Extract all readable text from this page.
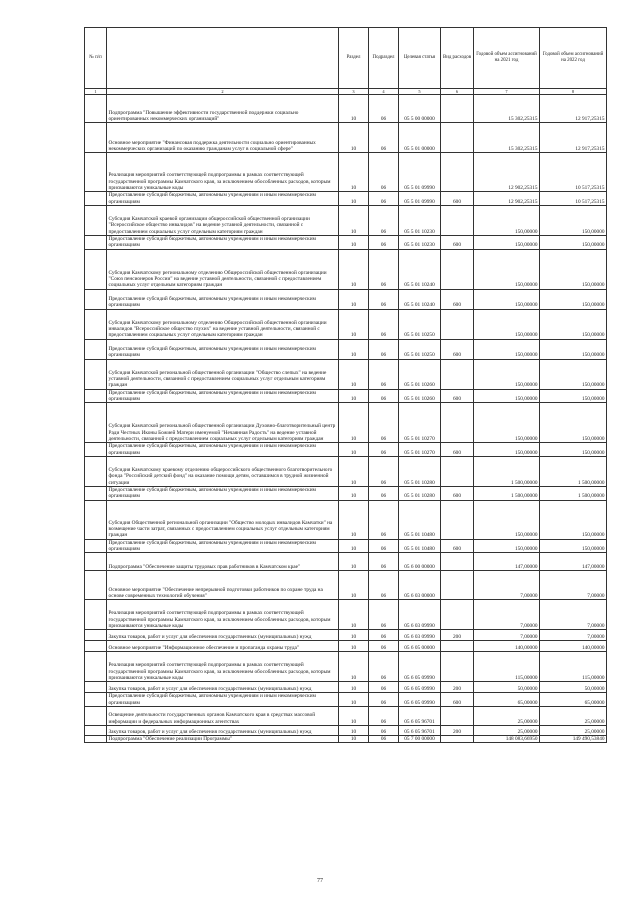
№ п/п		Раздел	Подраздел	Целевая статья	Вид расходов	Годовой объем ассигнований на 2021 год	Годовой объем ассигнований на 2022 год
1	2	3	4	5	6	7	8
	Подпрограмма "Повышение эффективности государственной поддержки социально ориентированных некоммерческих организаций"	10	06	05 5 00 00000		15 302,25315	12 917,25315
	Основное мероприятие "Финансовая поддержка деятельности социально ориентированных некоммерческих организаций по оказанию гражданам услуг в социальной сфере"	10	06	05 5 01 00000		15 302,25315	12 917,25315
	Реализация мероприятий соответствующей подпрограммы в рамках соответствующей государственной программы Камчатского края, за исключением обособленных расходов, которым присваиваются уникальные коды	10	06	05 5 01 09990		12 902,25315	10 517,25315
	Предоставление субсидий бюджетным, автономным учреждениям и иным некоммерческим организациям	10	06	05 5 01 09990	600	12 902,25315	10 517,25315
	Субсидия Камчатской краевой организации общероссийской общественной организации "Всероссийское общество инвалидов" на ведение уставной деятельности, связанной с предоставлением социальных услуг отдельным категориям граждан	10	06	05 5 01 10230		150,00000	150,00000
	Предоставление субсидий бюджетным, автономным учреждениям и иным некоммерческим организациям	10	06	05 5 01 10230	600	150,00000	150,00000
	Субсидия Камчатскому региональному отделению Общероссийской общественной организации "Союз пенсионеров России" на ведение уставной деятельности, связанной с предоставлением социальных услуг отдельным категориям граждан	10	06	05 5 01 10240		150,00000	150,00000
	Предоставление субсидий бюджетным, автономным учреждениям и иным некоммерческим организациям	10	06	05 5 01 10240	600	150,00000	150,00000
	Субсидия Камчатскому региональному отделению Общероссийской общественной организации инвалидов "Всероссийское общество глухих" на ведение уставной деятельности, связанной с предоставлением социальных услуг отдельным категориям граждан	10	06	05 5 01 10250		150,00000	150,00000
	Предоставление субсидий бюджетным, автономным учреждениям и иным некоммерческим организациям	10	06	05 5 01 10250	600	150,00000	150,00000
	Субсидия Камчатской региональной общественной организации "Общество слепых" на ведение уставной деятельности, связанной с предоставлением социальных услуг отдельным категориям граждан	10	06	05 5 01 10260		150,00000	150,00000
	Предоставление субсидий бюджетным, автономным учреждениям и иным некоммерческим организациям	10	06	05 5 01 10260	600	150,00000	150,00000
	Субсидия Камчатской региональной общественной организации Духовно-благотворительный центр Ради Честных Иконы Божией Матери именуемой "Нечаянная Радость" на ведение уставной деятельности, связанной с предоставлением социальных услуг отдельным категориям граждан	10	06	05 5 01 10270		150,00000	150,00000
	Предоставление субсидий бюджетным, автономным учреждениям и иным некоммерческим организациям	10	06	05 5 01 10270	600	150,00000	150,00000
	Субсидия Камчатскому краевому отделению общероссийского общественного благотворительного фонда "Российский детский фонд" на оказание помощи детям, оставшимся в трудной жизненной ситуации	10	06	05 5 01 10280		1 500,00000	1 500,00000
	Предоставление субсидий бюджетным, автономным учреждениям и иным некоммерческим организациям	10	06	05 5 01 10280	600	1 500,00000	1 500,00000
	Субсидия Общественной региональной организации "Общество молодых инвалидов Камчатки" на возмещение части затрат, связанных с предоставлением социальных услуг отдельным категориям граждан	10	06	05 5 01 10480		150,00000	150,00000
	Предоставление субсидий бюджетным, автономным учреждениям и иным некоммерческим организациям	10	06	05 5 01 10480	600	150,00000	150,00000
	Подпрограмма "Обеспечение защиты трудовых прав работников в Камчатском крае"	10	06	05 6 00 00000		147,00000	147,00000
	Основное мероприятие "Обеспечение непрерывной подготовки работников по охране труда на основе современных технологий обучения"	10	06	05 6 03 00000		7,00000	7,00000
	Реализация мероприятий соответствующей подпрограммы в рамках соответствующей государственной программы Камчатского края, за исключением обособленных расходов, которым присваиваются уникальные коды	10	06	05 6 03 09990		7,00000	7,00000
	Закупка товаров, работ и услуг для обеспечения государственных (муниципальных) нужд	10	06	05 6 03 09990	200	7,00000	7,00000
	Основное мероприятие "Информационное обеспечение и пропаганда охраны труда"	10	06	05 6 05 00000		140,00000	140,00000
	Реализация мероприятий соответствующей подпрограммы в рамках соответствующей государственной программы Камчатского края, за исключением обособленных расходов, которым присваиваются уникальные коды	10	06	05 6 05 09990		115,00000	115,00000
	Закупка товаров, работ и услуг для обеспечения государственных (муниципальных) нужд	10	06	05 6 05 09990	200	50,00000	50,00000
	Предоставление субсидий бюджетным, автономным учреждениям и иным некоммерческим организациям	10	06	05 6 05 09990	600	65,00000	65,00000
	Освещение деятельности государственных органов Камчатского края в средствах массовой информации и федеральных информационных агентствах	10	06	05 6 05 96701		25,00000	25,00000
	Закупка товаров, работ и услуг для обеспечения государственных (муниципальных) нужд	10	06	05 6 05 96701	200	25,00000	25,00000
	Подпрограмма "Обеспечение реализации Программы"	10	06	05 7 00 00000		148 083,66950	149 490,53840
77
